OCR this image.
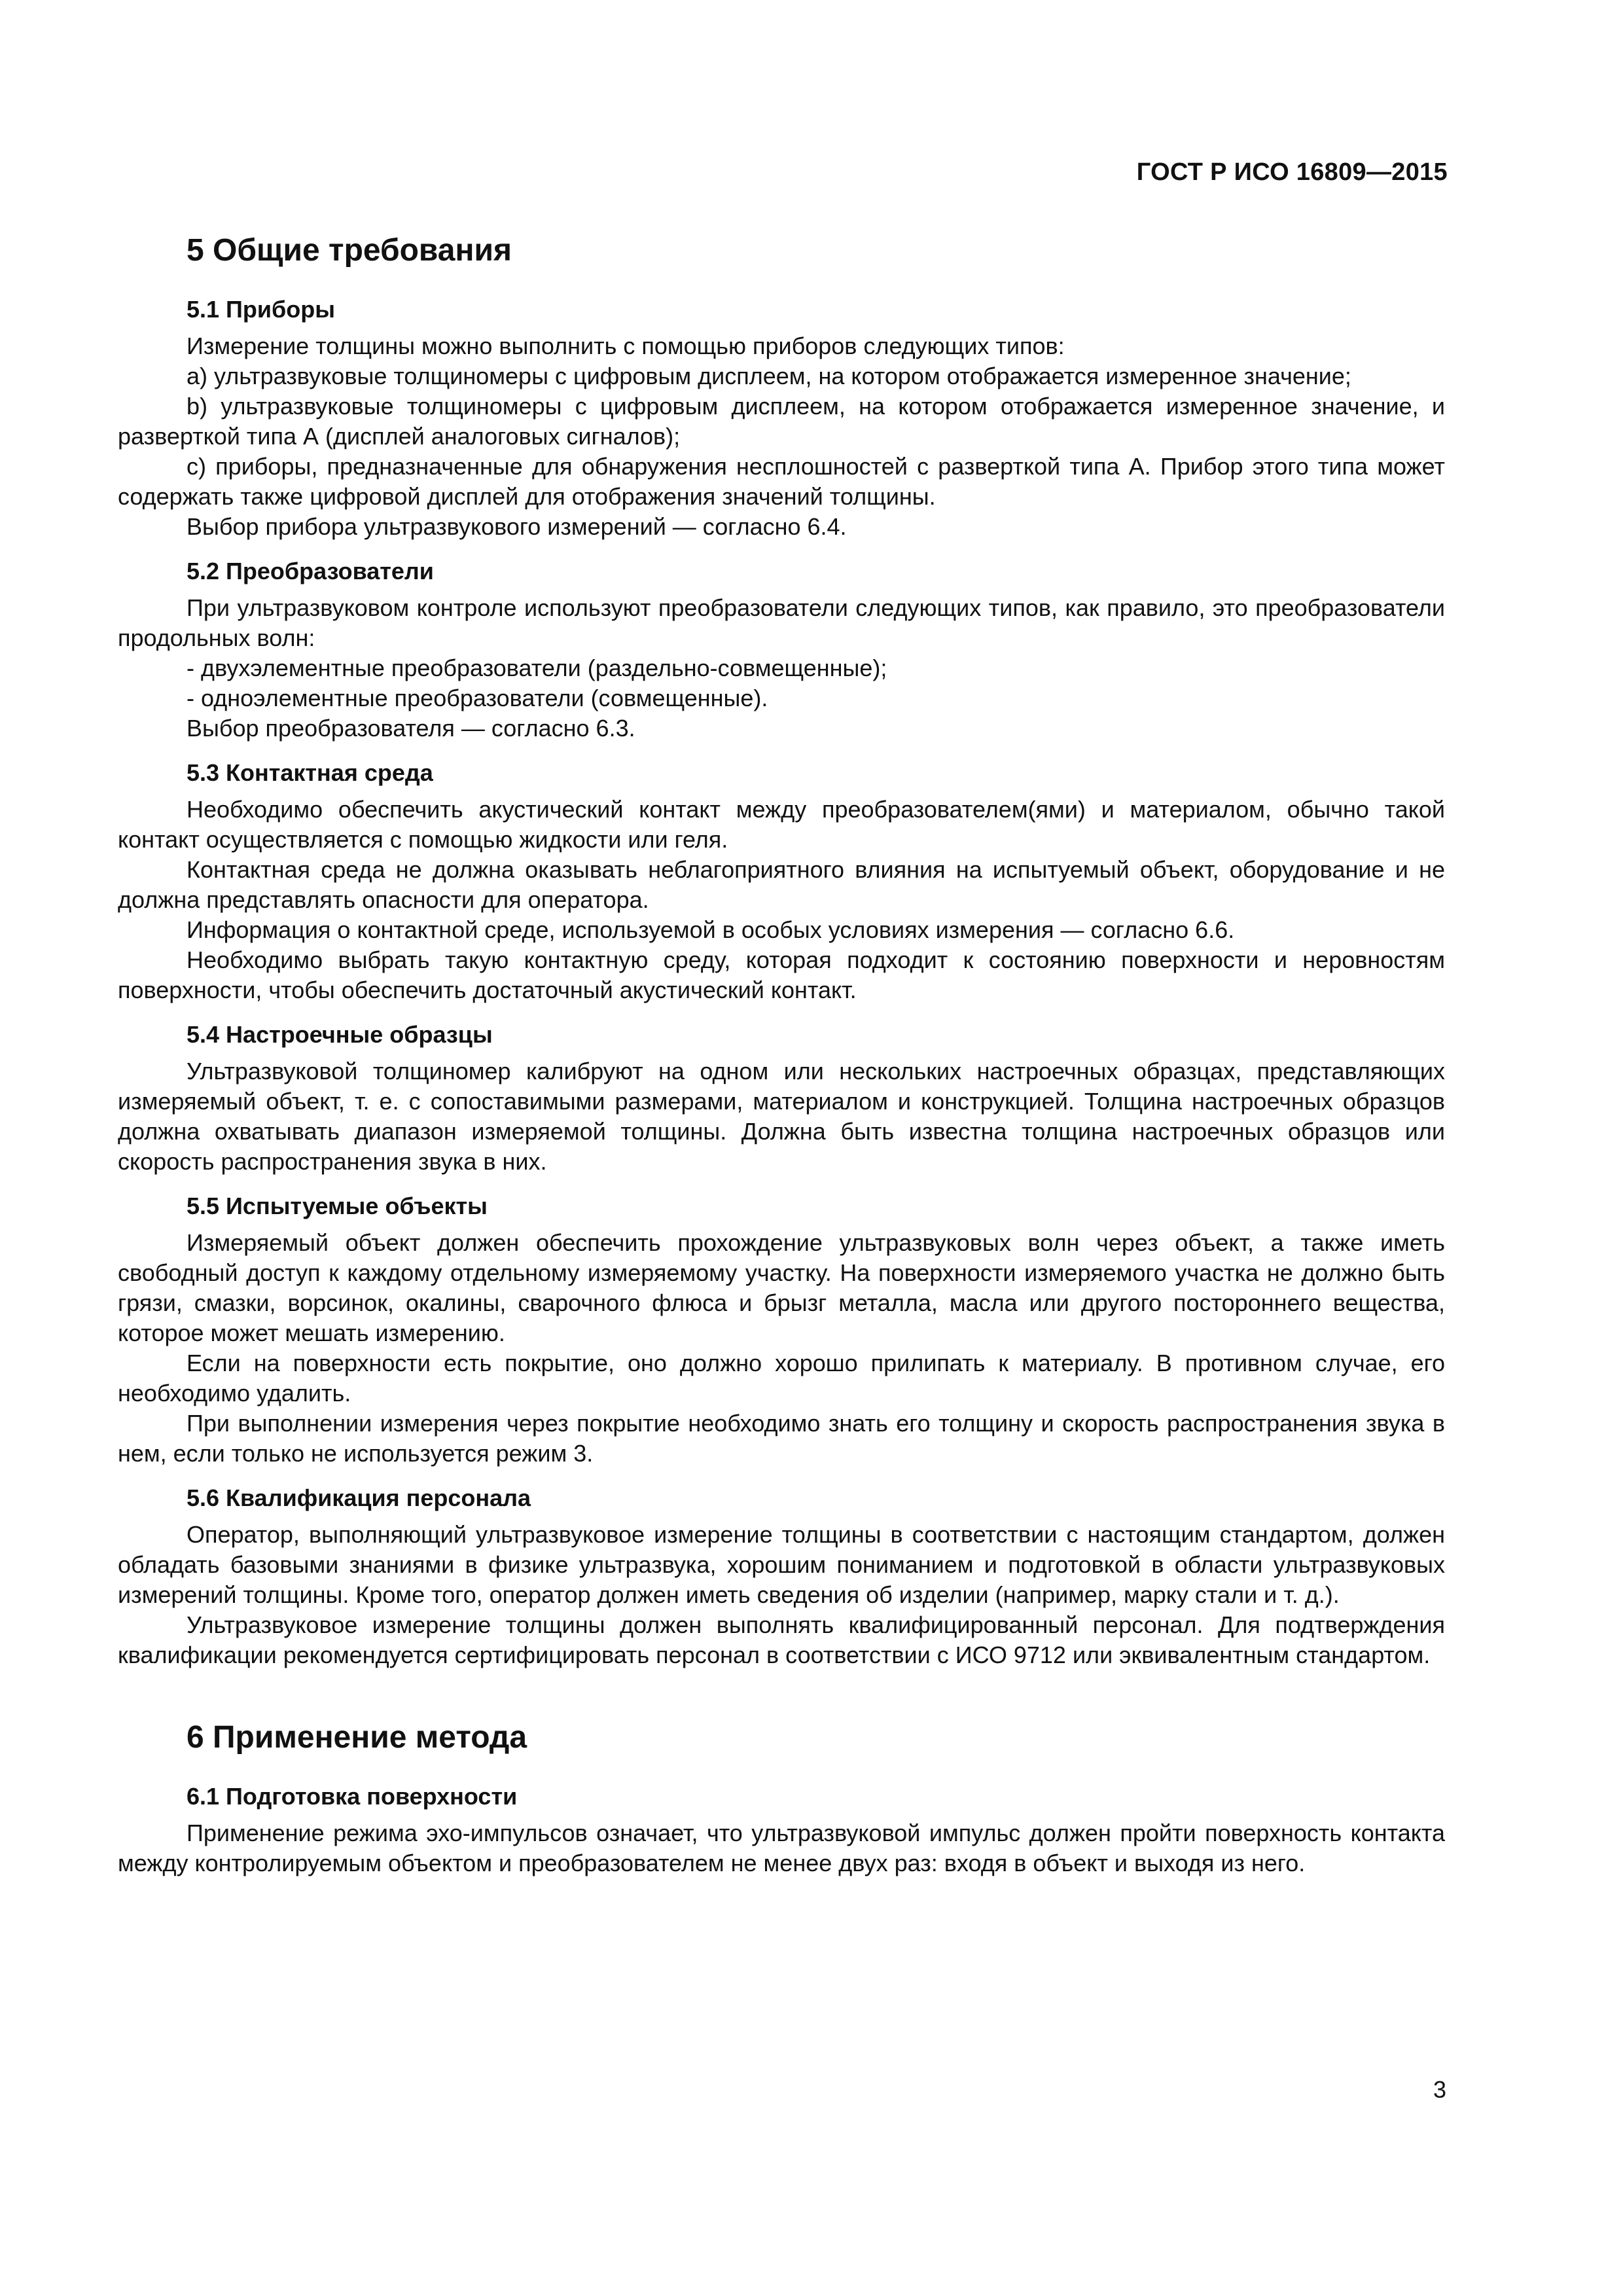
ГОСТ Р ИСО 16809—2015
5 Общие требования
5.1 Приборы

Измерение толщины можно выполнить с помощью приборов следующих типов:

а) ультразвуковые толщиномеры с цифровым дисплеем, на котором отображается измеренное значение;

b) ультразвуковые толщиномеры с цифровым дисплеем, на котором отображается измеренное значение, и разверткой типа А (дисплей аналоговых сигналов);

с) приборы, предназначенные для обнаружения несплошностей с разверткой типа А. Прибор этого типа может содержать также цифровой дисплей для отображения значений толщины.

Выбор прибора ультразвукового измерений — согласно 6.4.

5.2 Преобразователи

При ультразвуковом контроле используют преобразователи следующих типов, как правило, это преобразователи продольных волн:

- двухэлементные преобразователи (раздельно-совмещенные);

- одноэлементные преобразователи (совмещенные).

Выбор преобразователя — согласно 6.3.

5.3 Контактная среда

Необходимо обеспечить акустический контакт между преобразователем(ями) и материалом, обычно такой контакт осуществляется с помощью жидкости или геля.

Контактная среда не должна оказывать неблагоприятного влияния на испытуемый объект, оборудование и не должна представлять опасности для оператора.

Информация о контактной среде, используемой в особых условиях измерения — согласно 6.6.

Необходимо выбрать такую контактную среду, которая подходит к состоянию поверхности и неровностям поверхности, чтобы обеспечить достаточный акустический контакт.

5.4 Настроечные образцы

Ультразвуковой толщиномер калибруют на одном или нескольких настроечных образцах, представляющих измеряемый объект, т. е. с сопоставимыми размерами, материалом и конструкцией. Толщина настроечных образцов должна охватывать диапазон измеряемой толщины. Должна быть известна толщина настроечных образцов или скорость распространения звука в них.

5.5 Испытуемые объекты

Измеряемый объект должен обеспечить прохождение ультразвуковых волн через объект, а также иметь свободный доступ к каждому отдельному измеряемому участку. На поверхности измеряемого участка не должно быть грязи, смазки, ворсинок, окалины, сварочного флюса и брызг металла, масла или другого постороннего вещества, которое может мешать измерению.

Если на поверхности есть покрытие, оно должно хорошо прилипать к материалу. В противном случае, его необходимо удалить.

При выполнении измерения через покрытие необходимо знать его толщину и скорость распространения звука в нем, если только не используется режим 3.

5.6 Квалификация персонала

Оператор, выполняющий ультразвуковое измерение толщины в соответствии с настоящим стандартом, должен обладать базовыми знаниями в физике ультразвука, хорошим пониманием и подготовкой в области ультразвуковых измерений толщины. Кроме того, оператор должен иметь сведения об изделии (например, марку стали и т. д.).

Ультразвуковое измерение толщины должен выполнять квалифицированный персонал. Для подтверждения квалификации рекомендуется сертифицировать персонал в соответствии с ИСО 9712 или эквивалентным стандартом.

6 Применение метода
6.1 Подготовка поверхности

Применение режима эхо-импульсов означает, что ультразвуковой импульс должен пройти поверхность контакта между контролируемым объектом и преобразователем не менее двух раз: входя в объект и выходя из него.

3
